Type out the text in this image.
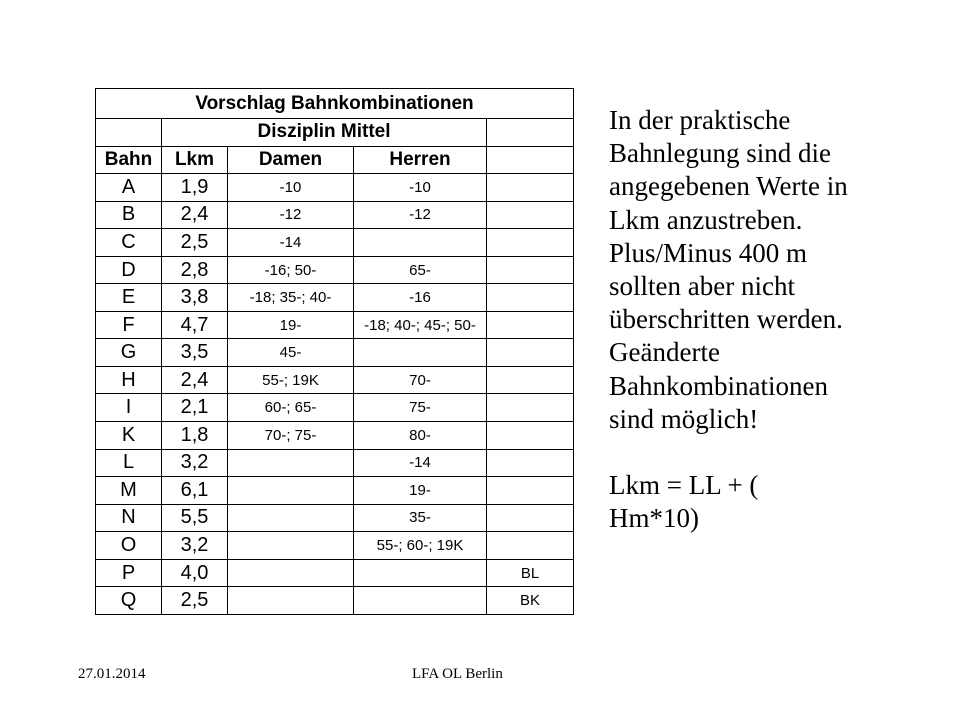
Vorschlag Bahnkombinationen				
	Disziplin Mittel			
Bahn	Lkm	Damen	Herren	
A	1,9	-10	-10	
B	2,4	-12	-12	
C	2,5	-14		
D	2,8	-16; 50-	65-	
E	3,8	-18; 35-; 40-	-16	
F	4,7	19-	-18; 40-; 45-; 50-	
G	3,5	45-		
H	2,4	55-; 19K	70-	
I	2,1	60-; 65-	75-	
K	1,8	70-; 75-	80-	
L	3,2		-14	
M	6,1		19-	
N	5,5		35-	
O	3,2		55-; 60-; 19K	
P	4,0			BL
Q	2,5			BK
In der praktische
Bahnlegung sind die
angegebenen Werte in
Lkm anzustreben.
Plus/Minus 400 m
sollten aber nicht
überschritten werden.
Geänderte
Bahnkombinationen
sind möglich!
Lkm = LL + (
Hm*10)
27.01.2014	LFA OL Berlin
